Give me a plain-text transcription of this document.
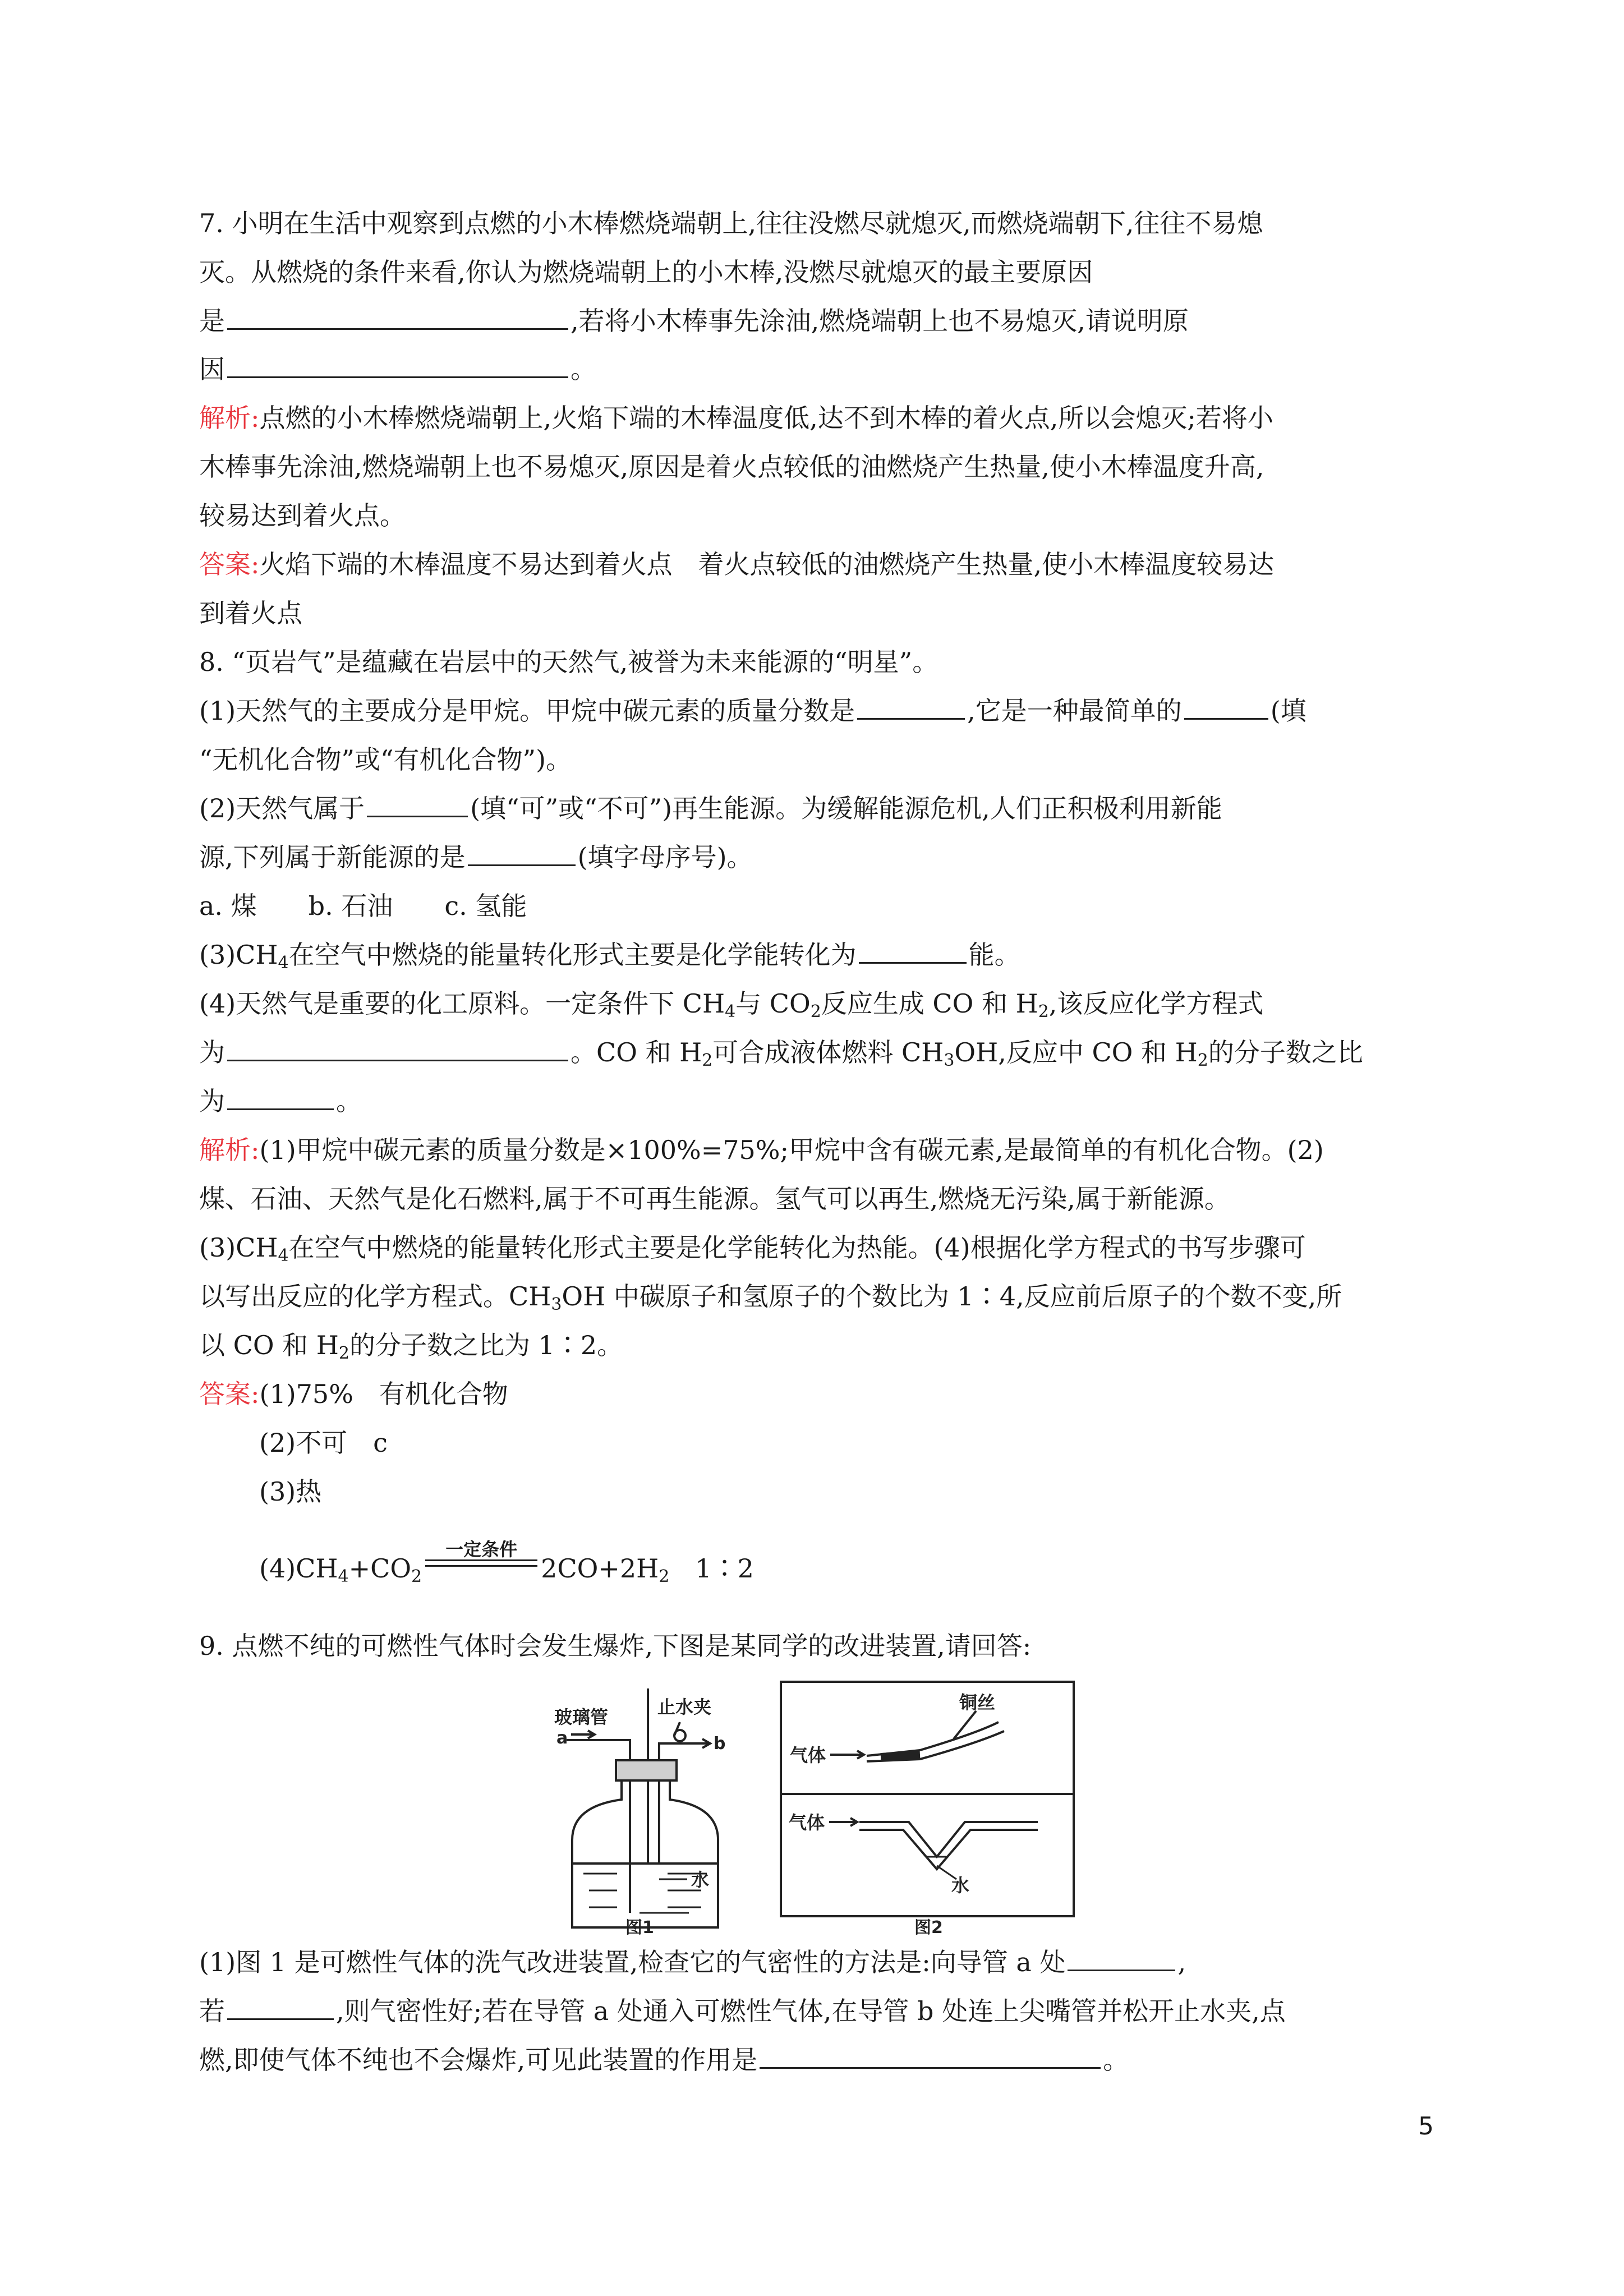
7. 小明在生活中观察到点燃的小木棒燃烧端朝上,往往没燃尽就熄灭,而燃烧端朝下,往往不易熄
灭。从燃烧的条件来看,你认为燃烧端朝上的小木棒,没燃尽就熄灭的最主要原因
是	,若将小木棒事先涂油,燃烧端朝上也不易熄灭,请说明原
因	。
解析:点燃的小木棒燃烧端朝上,火焰下端的木棒温度低,达不到木棒的着火点,所以会熄灭;若将小
木棒事先涂油,燃烧端朝上也不易熄灭,原因是着火点较低的油燃烧产生热量,使小木棒温度升高,
较易达到着火点。
答案:火焰下端的木棒温度不易达到着火点　着火点较低的油燃烧产生热量,使小木棒温度较易达
到着火点
8. “页岩气”是蕴藏在岩层中的天然气,被誉为未来能源的“明星”。
(1)天然气的主要成分是甲烷。甲烷中碳元素的质量分数是	,它是一种最简单的	(填
“无机化合物”或“有机化合物”)。
(2)天然气属于	(填“可”或“不可”)再生能源。为缓解能源危机,人们正积极利用新能
源,下列属于新能源的是	(填字母序号)。
a. 煤　　b. 石油　　c. 氢能
$(3)CH_4$在空气中燃烧的能量转化形式主要是化学能转化为	能。
(4)天然气是重要的化工原料。一定条件下 $CH_4$与 $CO_2$反应生成 CO 和 $H_2$,该反应化学方程式
为	。CO 和 $H_2$可合成液体燃料 $CH_3OH$,反应中 CO 和 $H_2$的分子数之比
为	。
解析:(1)甲烷中碳元素的质量分数是×100%=75%;甲烷中含有碳元素,是最简单的有机化合物。(2)
煤、石油、天然气是化石燃料,属于不可再生能源。氢气可以再生,燃烧无污染,属于新能源。
$(3)CH_4$在空气中燃烧的能量转化形式主要是化学能转化为热能。(4)根据化学方程式的书写步骤可
以写出反应的化学方程式。$CH_3OH$ 中碳原子和氢原子的个数比为 1∶4,反应前后原子的个数不变,所
以 CO 和 $H_2$的分子数之比为 1∶2。
答案:(1)75%　有机化合物
(2)不可　c
(3)热
$(4)CH_4+CO_2$
一定条件
$2CO+2H_2$　1∶2
9. 点燃不纯的可燃性气体时会发生爆炸,下图是某同学的改进装置,请回答:
玻璃管	止水夹
a	b
水
图1
铜丝
气体
气体
水
图2
(1)图 1 是可燃性气体的洗气改进装置,检查它的气密性的方法是:向导管 a 处	,
若	,则气密性好;若在导管 a 处通入可燃性气体,在导管 b 处连上尖嘴管并松开止水夹,点
燃,即使气体不纯也不会爆炸,可见此装置的作用是	。
5
